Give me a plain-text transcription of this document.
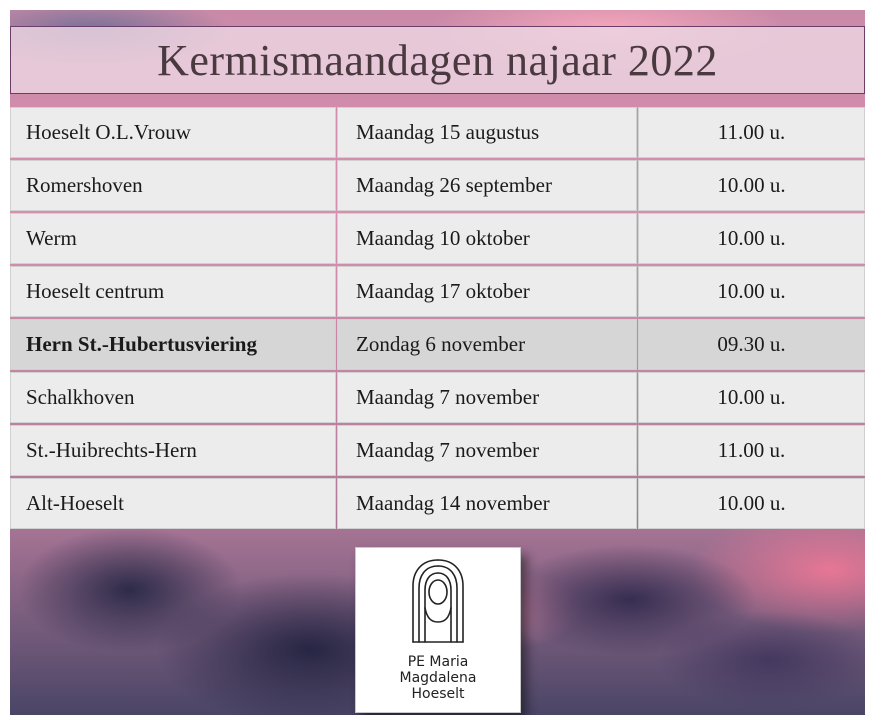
Kermismaandagen najaar 2022
Hoeselt O.L.Vrouw	Maandag 15 augustus	11.00 u.
Romershoven	Maandag 26 september	10.00 u.
Werm	Maandag 10 oktober	10.00 u.
Hoeselt centrum	Maandag 17 oktober	10.00 u.
Hern St.-Hubertusviering	Zondag 6 november	09.30 u.
Schalkhoven	Maandag 7 november	10.00 u.
St.-Huibrechts-Hern	Maandag 7 november	11.00 u.
Alt-Hoeselt	Maandag 14 november	10.00 u.
PE Maria
Magdalena
Hoeselt
